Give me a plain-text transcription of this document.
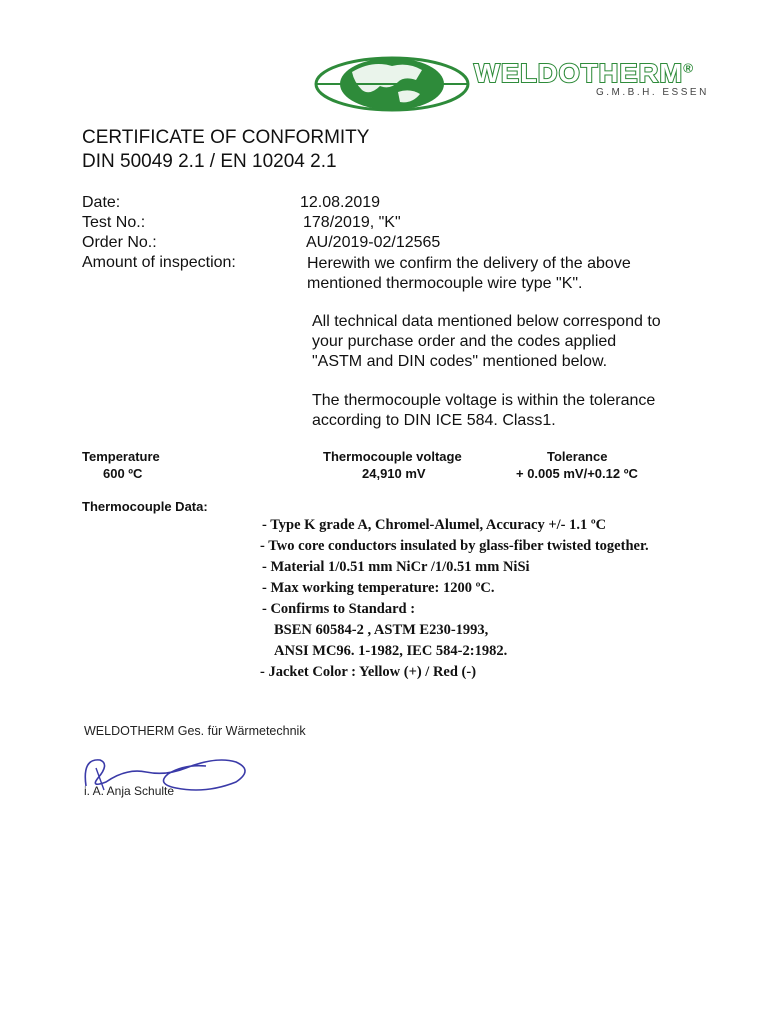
WELDOTHERM®
G.M.B.H. ESSEN
CERTIFICATE OF CONFORMITY
DIN 50049 2.1 / EN 10204 2.1
Date:	12.08.2019
Test No.:	178/2019, "K"
Order No.:	AU/2019-02/12565
Amount of inspection:	Herewith we confirm the delivery of the above
mentioned thermocouple wire type "K".
All technical data mentioned below correspond to
your purchase order and the codes applied
"ASTM and DIN codes" mentioned below.
The thermocouple voltage is within the tolerance
according to DIN ICE 584. Class1.
Temperature	Thermocouple voltage	Tolerance
600 ºC	24,910 mV	+ 0.005 mV/+0.12 ºC
Thermocouple Data:
- Type K grade A, Chromel-Alumel, Accuracy +/- 1.1 ºC
- Two core conductors insulated by glass-fiber twisted together.
- Material 1/0.51 mm NiCr /1/0.51 mm NiSi
- Max working temperature: 1200 ºC.
- Confirms to Standard :
BSEN 60584-2 , ASTM E230-1993,
ANSI MC96. 1-1982, IEC 584-2:1982.
- Jacket Color : Yellow (+) / Red (-)
WELDOTHERM Ges. für Wärmetechnik
i. A. Anja Schulte
